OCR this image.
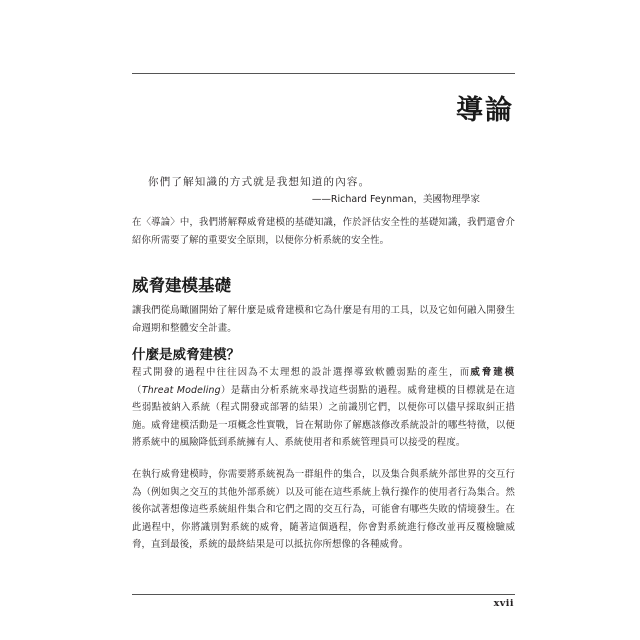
導論

你們了解知識的方式就是我想知道的內容。

——Richard Feynman，美國物理學家

在〈導論〉中，我們將解釋威脅建模的基礎知識，作於評估安全性的基礎知識，我們還會介紹你所需要了解的重要安全原則，以便你分析系統的安全性。

威脅建模基礎

讓我們從鳥瞰圖開始了解什麼是威脅建模和它為什麼是有用的工具，以及它如何融入開發生命週期和整體安全計畫。

什麼是威脅建模？

程式開發的過程中往往因為不太理想的設計選擇導致軟體弱點的產生，而威脅建模（Threat Modeling）是藉由分析系統來尋找這些弱點的過程。威脅建模的目標就是在這些弱點被納入系統（程式開發或部署的結果）之前識別它們，以便你可以儘早採取糾正措施。威脅建模活動是一項概念性實戰，旨在幫助你了解應該修改系統設計的哪些特徵，以便將系統中的風險降低到系統擁有人、系統使用者和系統管理員可以接受的程度。

在執行威脅建模時，你需要將系統視為一群組件的集合，以及集合與系統外部世界的交互行為（例如與之交互的其他外部系統）以及可能在這些系統上執行操作的使用者行為集合。然後你試著想像這些系統組件集合和它們之間的交互行為，可能會有哪些失敗的情境發生。在此過程中，你將識別對系統的威脅，隨著這個過程，你會對系統進行修改並再反覆檢驗威脅，直到最後，系統的最終結果是可以抵抗你所想像的各種威脅。

xvii
